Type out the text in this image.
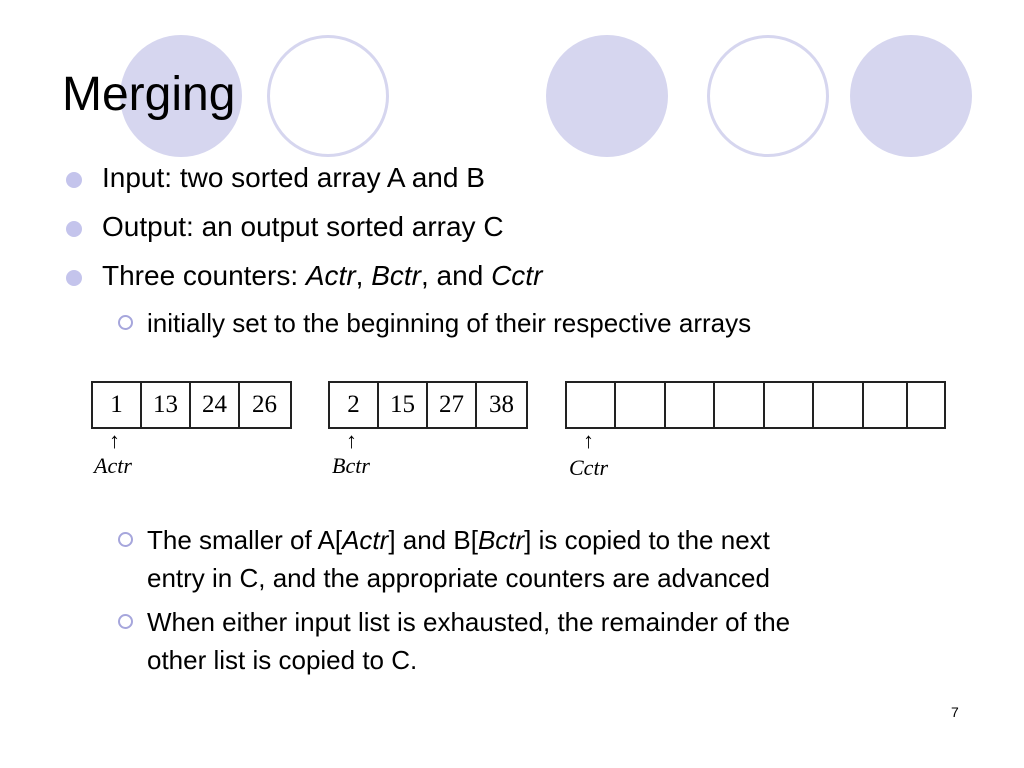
Merging
Input: two sorted array A and B
Output: an output sorted array C
Three counters: Actr, Bctr, and Cctr
initially set to the beginning of their respective arrays
1	13 24	26	2	15 27	38
↑
Actr
↑
Bctr
↑
Cctr
The smaller of A[Actr] and B[Bctr] is copied to the next
entry in C, and the appropriate counters are advanced
When either input list is exhausted, the remainder of the
other list is copied to C.
7
